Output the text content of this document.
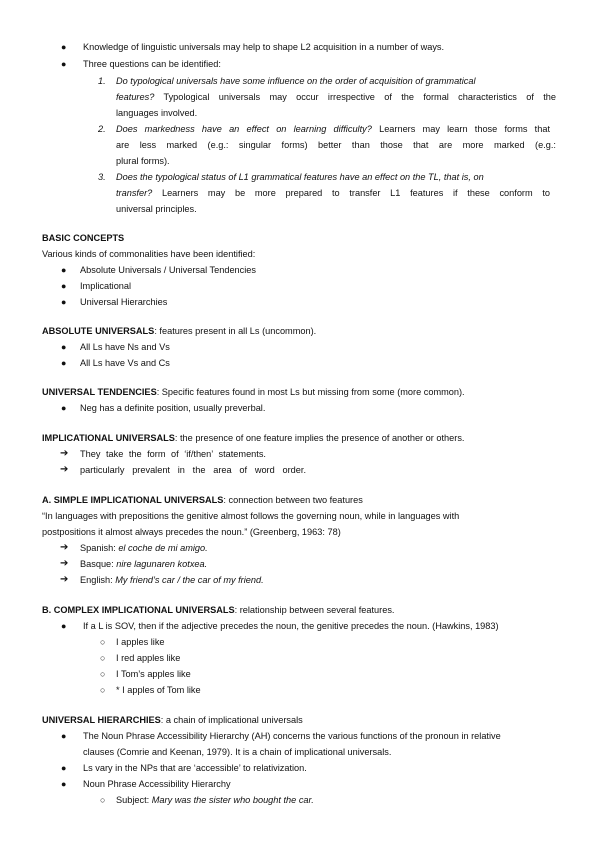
● Knowledge of linguistic universals may help to shape L2 acquisition in a number of ways.
● Three questions can be identified:
1. Do typological universals have some influence on the order of acquisition of grammatical
features? Typological universals may occur irrespective of the formal characteristics of the
languages involved.
2. Does markedness have an effect on learning difficulty? Learners may learn those forms that
are less marked (e.g.: singular forms) better than those that are more marked (e.g.:
plural forms).
3. Does the typological status of L1 grammatical features have an effect on the TL, that is, on
transfer? Learners may be more prepared to transfer L1 features if these conform to
universal principles.
BASIC CONCEPTS
Various kinds of commonalities have been identified:
● Absolute Universals / Universal Tendencies
● Implicational
● Universal Hierarchies
ABSOLUTE UNIVERSALS: features present in all Ls (uncommon).
● All Ls have Ns and Vs
● All Ls have Vs and Cs
UNIVERSAL TENDENCIES: Specific features found in most Ls but missing from some (more common).
● Neg has a definite position, usually preverbal.
IMPLICATIONAL UNIVERSALS: the presence of one feature implies the presence of another or others.
➔ They take the form of ‘if/then’ statements.
➔ particularly prevalent in the area of word order.
A. SIMPLE IMPLICATIONAL UNIVERSALS: connection between two features
“In languages with prepositions the genitive almost follows the governing noun, while in languages with
postpositions it almost always precedes the noun.” (Greenberg, 1963: 78)
➔ Spanish: el coche de mi amigo.
➔ Basque: nire lagunaren kotxea.
➔ English: My friend’s car / the car of my friend.
B. COMPLEX IMPLICATIONAL UNIVERSALS: relationship between several features.
● If a L is SOV, then if the adjective precedes the noun, the genitive precedes the noun. (Hawkins, 1983)
○ I apples like
○ I red apples like
○ I Tom’s apples like
○ * I apples of Tom like
UNIVERSAL HIERARCHIES: a chain of implicational universals
● The Noun Phrase Accessibility Hierarchy (AH) concerns the various functions of the pronoun in relative
clauses (Comrie and Keenan, 1979). It is a chain of implicational universals.
● Ls vary in the NPs that are ‘accessible’ to relativization.
● Noun Phrase Accessibility Hierarchy
○ Subject: Mary was the sister who bought the car.
